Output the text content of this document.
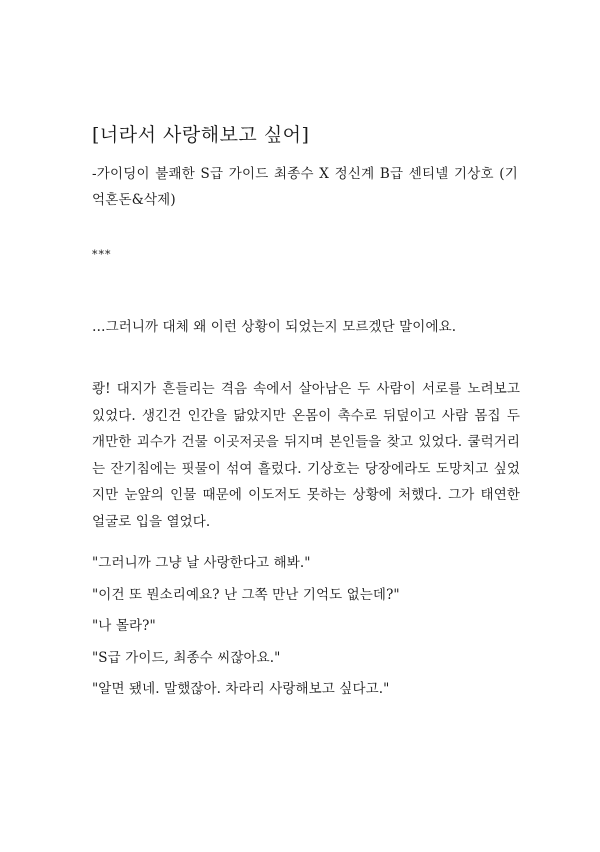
[너라서 사랑해보고 싶어]
-가이딩이 불쾌한 S급 가이드 최종수 X 정신계 B급 센티넬 기상호 (기억혼돈&삭제)
***
…그러니까 대체 왜 이런 상황이 되었는지 모르겠단 말이에요.
쾅! 대지가 흔들리는 격음 속에서 살아남은 두 사람이 서로를 노려보고 있었다. 생긴건 인간을 닮았지만 온몸이 촉수로 뒤덮이고 사람 몸집 두 개만한 괴수가 건물 이곳저곳을 뒤지며 본인들을 찾고 있었다. 쿨럭거리는 잔기침에는 핏물이 섞여 흘렀다. 기상호는 당장에라도 도망치고 싶었지만 눈앞의 인물 때문에 이도저도 못하는 상황에 처했다. 그가 태연한 얼굴로 입을 열었다.
"그러니까 그냥 날 사랑한다고 해봐."
"이건 또 뭔소리예요? 난 그쪽 만난 기억도 없는데?"
"나 몰라?"
"S급 가이드, 최종수 씨잖아요."
"알면 됐네. 말했잖아. 차라리 사랑해보고 싶다고."
